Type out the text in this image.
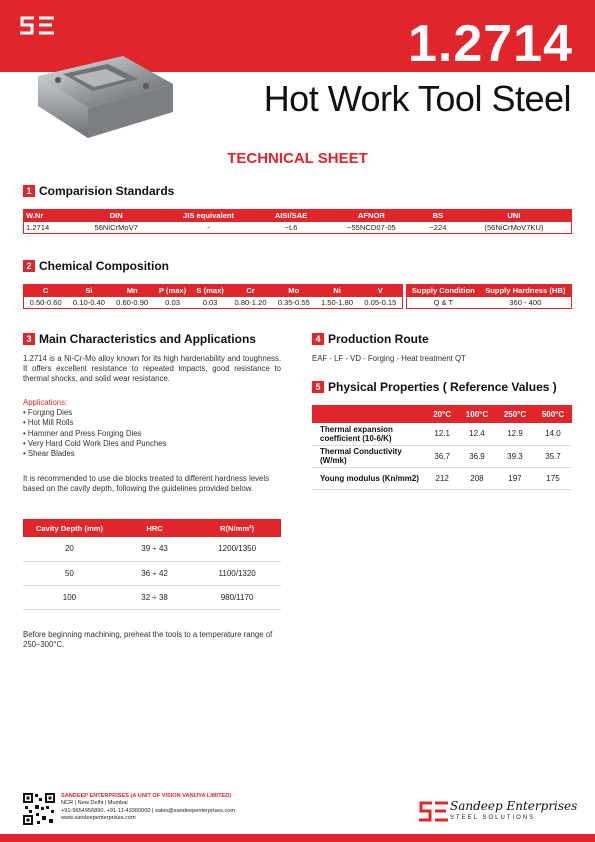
1.2714
Hot Work Tool Steel
TECHNICAL SHEET
1 Comparision Standards
W.Nr	DIN	JIS equivalent	AISI/SAE	AFNOR	BS	UNI
1.2714	56NiCrMoV7	-	~L6	~55NCD07-05	~224	(56NiCrMoV7KU)
2 Chemical Composition
C	Si	Mn	P (max)	S (max)	Cr	Mo	Ni	V
0.50-0.60	0.10-0.40	0.60-0.90	0.03	0.03	0.80-1.20	0.35-0.55	1.50-1.80	0.05-0.15
Supply Condition	Supply Hardness (HB)
Q & T	360 - 400
3 Main Characteristics and Applications
1.2714 is a Ni-Cr-Mo alloy known for its high hardenability and toughness. It offers excellent resistance to repeated impacts, good resistance to thermal shocks, and solid wear resistance.
Applications:
• Forging Dies
• Hot Mill Rolls
• Hammer and Press Forging Dies
• Very Hard Cold Work Dies and Punches
• Shear Blades
It is recommended to use die blocks treated to different hardness levels based on the cavity depth, following the guidelines provided below.
Cavity Depth (mm)	HRC	R(N/mm²)
20	39 ÷ 43	1200/1350
50	36 ÷ 42	1100/1320
100	32 ÷ 38	980/1170
Before beginning machining, preheat the tools to a temperature range of 250–300°C.
4 Production Route
EAF - LF - VD - Forging - Heat treatment QT
5 Physical Properties ( Reference Values )
	20°C	100°C	250°C	500°C
Thermal expansion coefficient (10-6/K)	12.1	12.4	12.9	14.0
Thermal Conductivity (W/mk)	36.7	36.9	39.3	35.7
Young modulus (Kn/mm2)	212	208	197	175
SANDEEP ENTERPRISES (A UNIT OF VISION VANIJYA LIMITED)
NCR | New Delhi | Mumbai
+91-9654956890, +91-11-43360000 | sales@sandeepenterprises.com
www.sandeepenterprises.com
Sandeep Enterprises
STEEL SOLUTIONS
